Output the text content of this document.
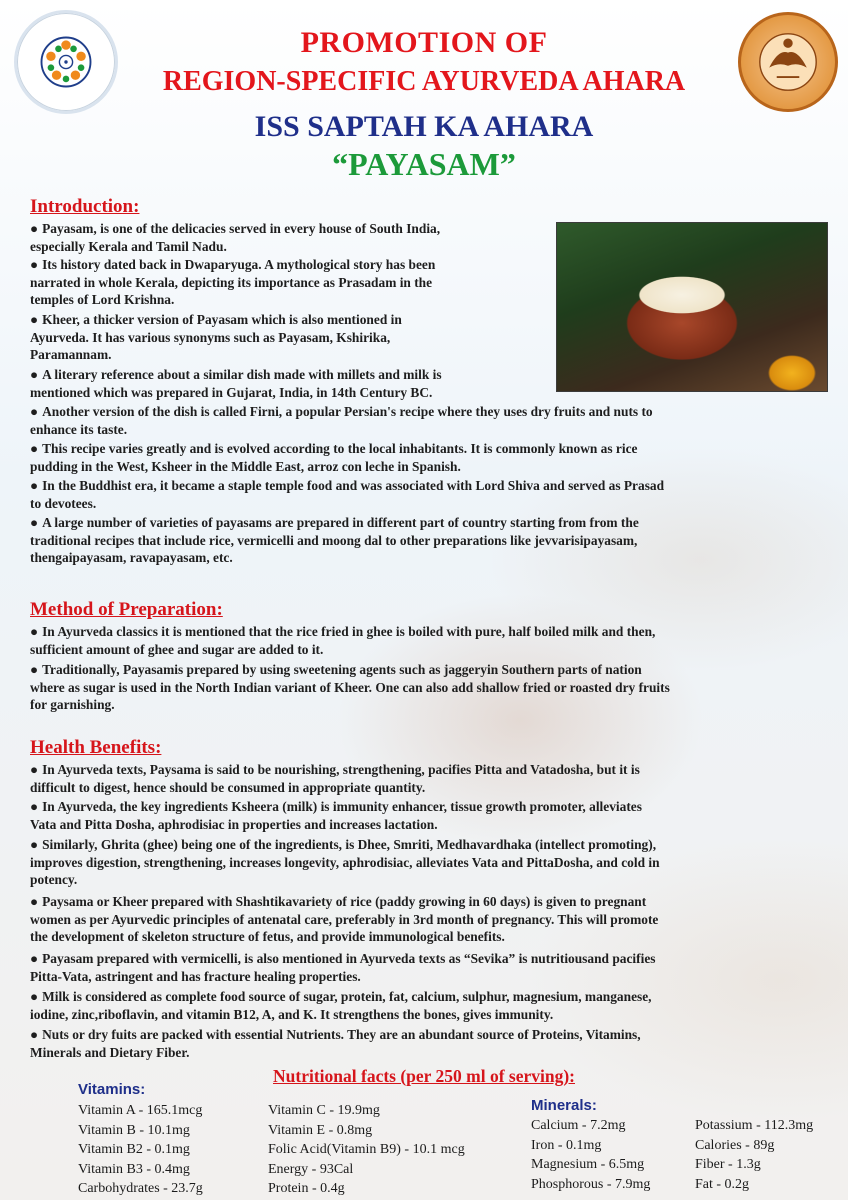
PROMOTION OF
REGION-SPECIFIC AYURVEDA AHARA
ISS SAPTAH KA AHARA
“PAYASAM”
Introduction:
● Payasam, is one of the delicacies served in every house of South India,
especially Kerala and Tamil Nadu.
● Its history dated back in Dwaparyuga. A mythological story has been
narrated in whole Kerala, depicting its importance as Prasadam in the
temples of Lord Krishna.
● Kheer, a thicker version of Payasam which is also mentioned in
Ayurveda. It has various synonyms such as Payasam, Kshirika,
Paramannam.
● A literary reference about a similar dish made with millets and milk is
mentioned which was prepared in Gujarat, India, in 14th Century BC.
● Another version of the dish is called Firni, a popular Persian's recipe where they uses dry fruits and nuts to
enhance its taste.
● This recipe varies greatly and is evolved according to the local inhabitants. It is commonly known as rice
pudding in the West, Ksheer in the Middle East, arroz con leche in Spanish.
● In the Buddhist era, it became a staple temple food and was associated with Lord Shiva and served as Prasad
to devotees.
● A large number of varieties of payasams are prepared in different part of country starting from from the
traditional recipes that include rice, vermicelli and moong dal to other preparations like jevvarisipayasam,
thengaipayasam, ravapayasam, etc.
Method of Preparation:
● In Ayurveda classics it is mentioned that the rice fried in ghee is boiled with pure, half boiled milk and then,
sufficient amount of ghee and sugar are added to it.
● Traditionally, Payasamis prepared by using sweetening agents such as jaggeryin Southern parts of nation
where as sugar is used in the North Indian variant of Kheer. One can also add shallow fried or roasted dry fruits
for garnishing.
Health Benefits:
● In Ayurveda texts, Paysama is said to be nourishing, strengthening, pacifies Pitta and Vatadosha, but it is
difficult to digest, hence should be consumed in appropriate quantity.
● In Ayurveda, the key ingredients Ksheera (milk) is immunity enhancer, tissue growth promoter, alleviates
Vata and Pitta Dosha, aphrodisiac in properties and increases lactation.
● Similarly, Ghrita (ghee) being one of the ingredients, is Dhee, Smriti, Medhavardhaka (intellect promoting),
improves digestion, strengthening, increases longevity, aphrodisiac, alleviates Vata and PittaDosha, and cold in
potency.
● Paysama or Kheer prepared with Shashtikavariety of rice (paddy growing in 60 days) is given to pregnant
women as per Ayurvedic principles of antenatal care, preferably in 3rd month of pregnancy. This will promote
the development of skeleton structure of fetus, and provide immunological benefits.
● Payasam prepared with vermicelli, is also mentioned in Ayurveda texts as “Sevika” is nutritiousand pacifies
Pitta-Vata, astringent and has fracture healing properties.
● Milk is considered as complete food source of sugar, protein, fat, calcium, sulphur, magnesium, manganese,
iodine, zinc,riboflavin, and vitamin B12, A, and K. It strengthens the bones, gives immunity.
● Nuts or dry fuits are packed with essential Nutrients. They are an abundant source of Proteins, Vitamins,
Minerals and Dietary Fiber.
Nutritional facts (per 250 ml of serving):
Vitamins:
Vitamin A - 165.1mcg
Vitamin B - 10.1mg
Vitamin B2 - 0.1mg
Vitamin B3 - 0.4mg
Carbohydrates - 23.7g
Vitamin C - 19.9mg
Vitamin E - 0.8mg
Folic Acid(Vitamin B9) - 10.1 mcg
Energy - 93Cal
Protein - 0.4g
Minerals:
Calcium - 7.2mg
Iron - 0.1mg
Magnesium - 6.5mg
Phosphorous - 7.9mg
Potassium - 112.3mg
Calories - 89g
Fiber - 1.3g
Fat - 0.2g
